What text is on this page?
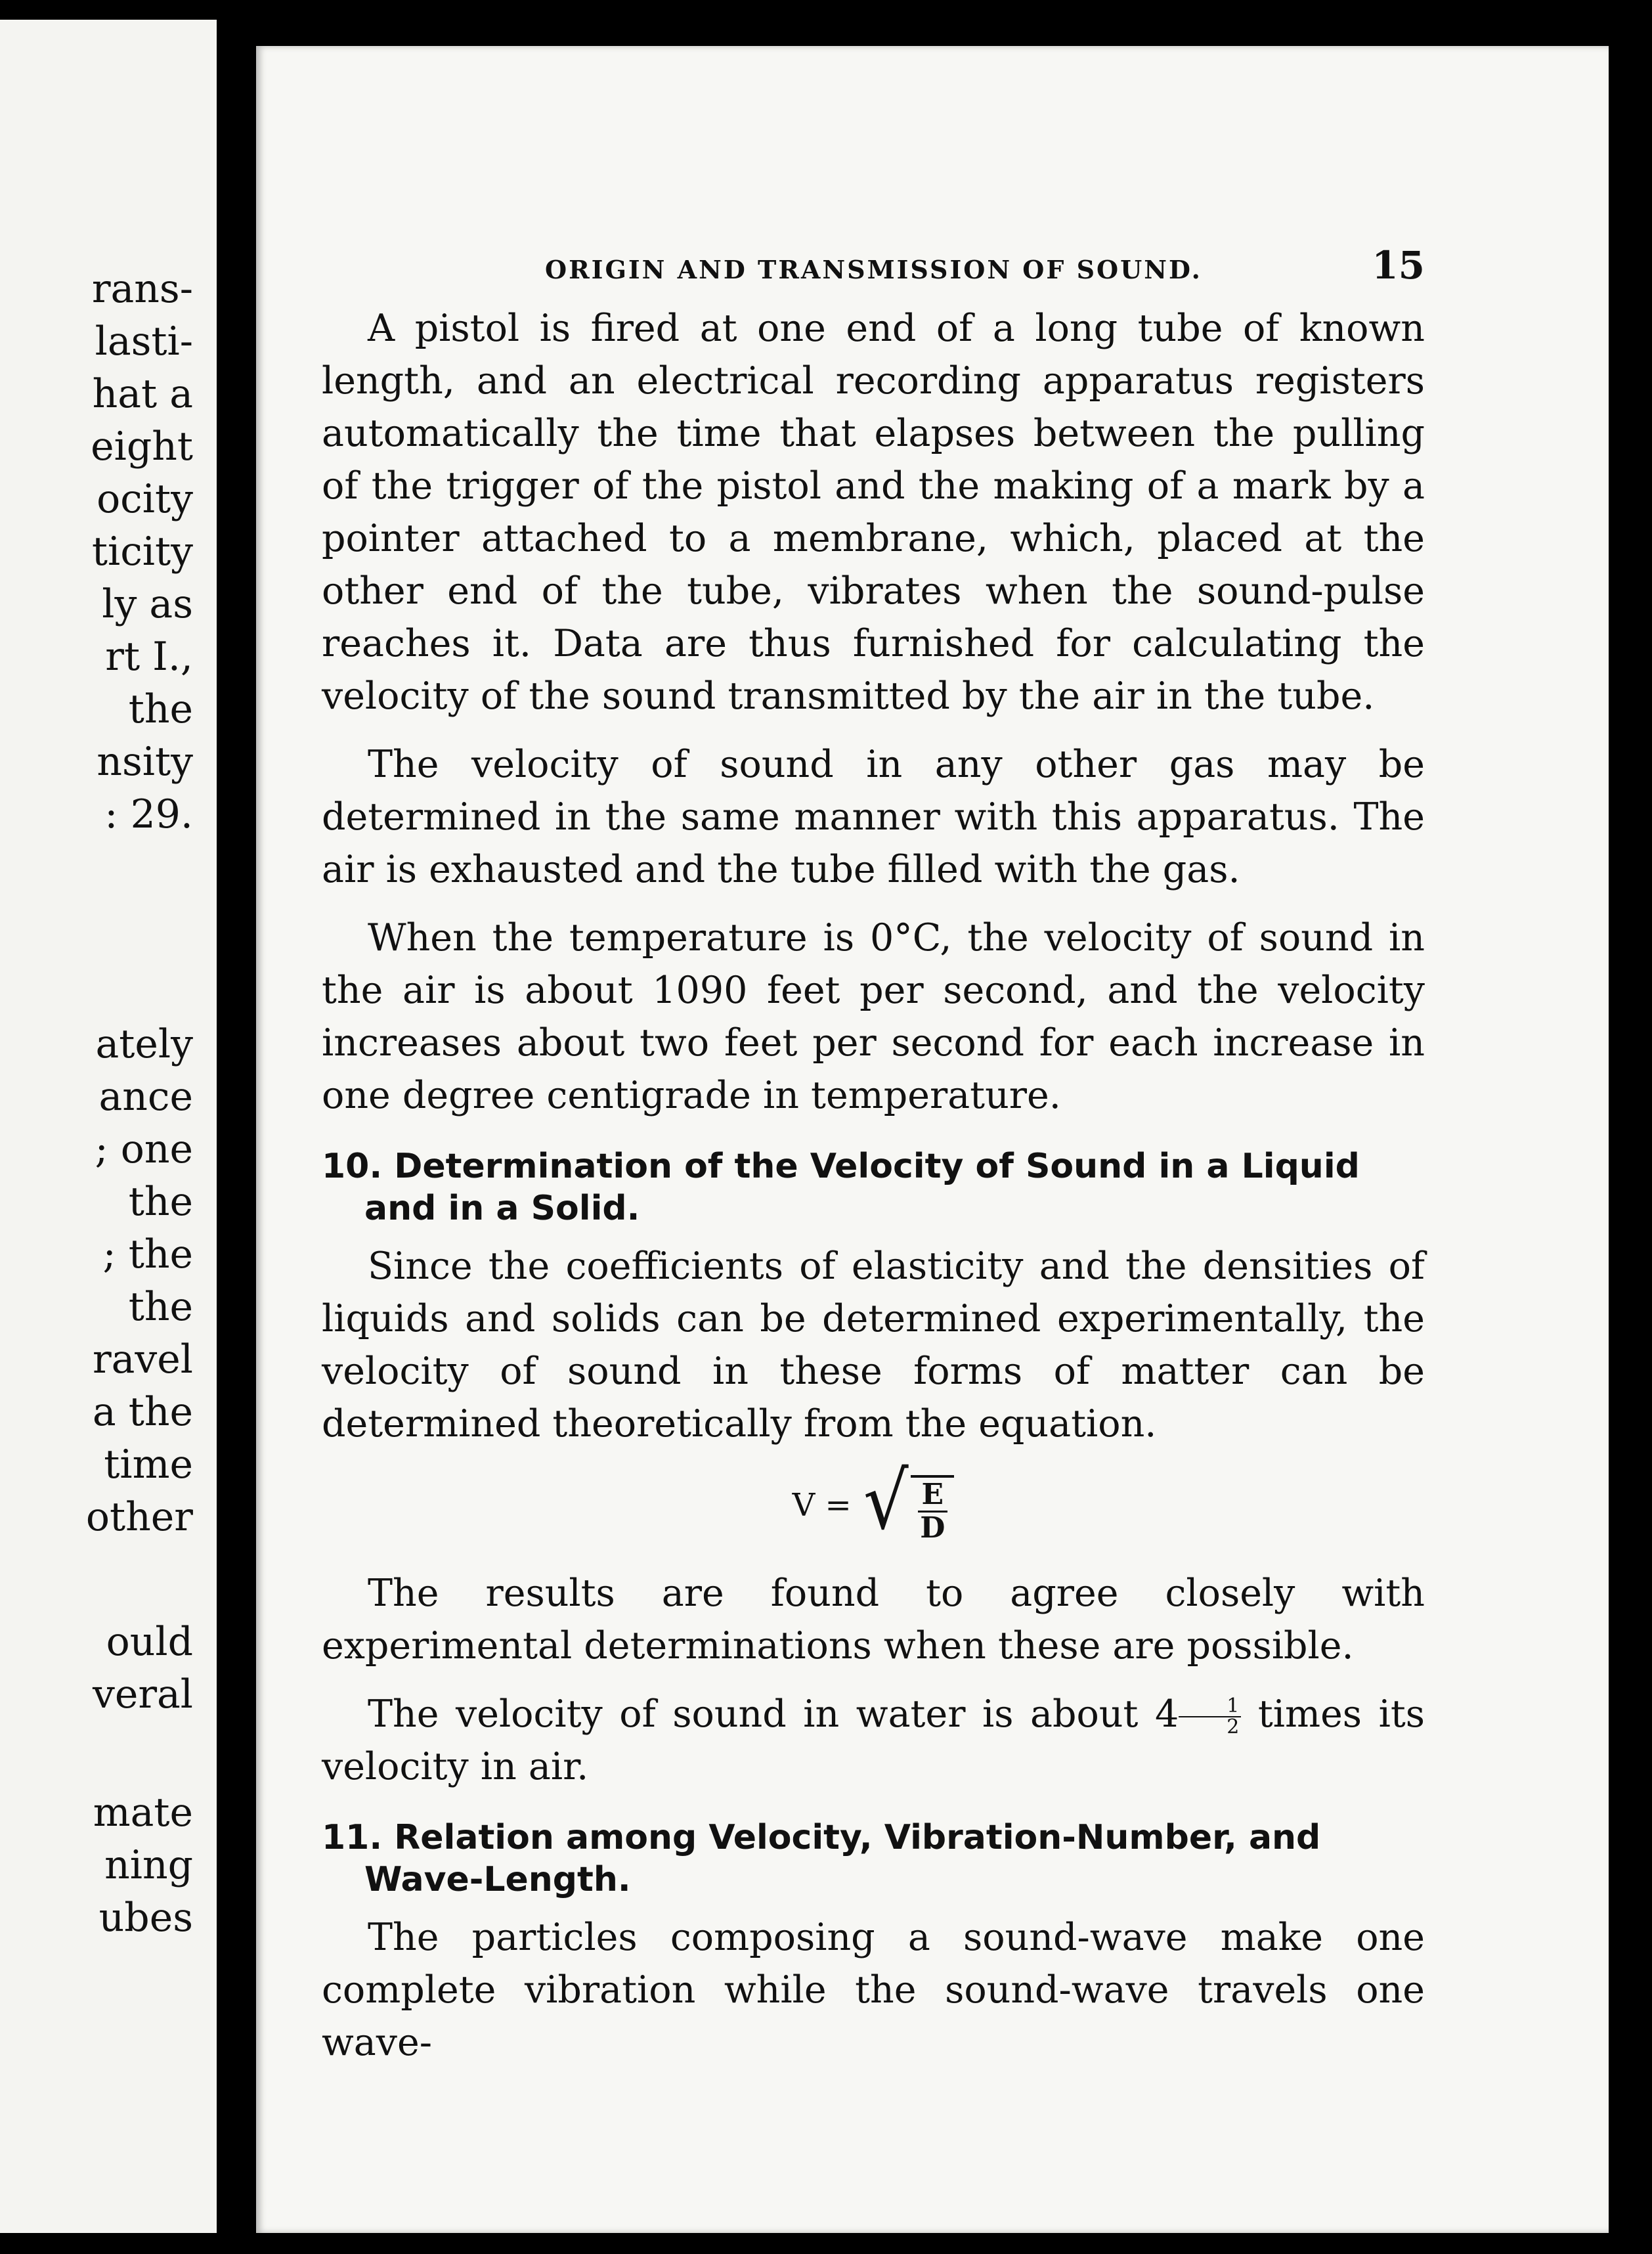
rans-
lasti-
hat a
eight
ocity
ticity
ly as
rt I.,
the
nsity
: 29.
ately
ance
; one
the
; the
the
ravel
a the
time
other
ould
veral
mate
ning
ubes
ORIGIN AND TRANSMISSION OF SOUND.	15

A pistol is fired at one end of a long tube of known length, and an electrical recording apparatus registers automatically the time that elapses between the pulling of the trigger of the pistol and the making of a mark by a pointer attached to a membrane, which, placed at the other end of the tube, vibrates when the sound-pulse reaches it. Data are thus furnished for calculating the velocity of the sound transmitted by the air in the tube.

The velocity of sound in any other gas may be determined in the same manner with this apparatus. The air is exhausted and the tube filled with the gas.

When the temperature is 0°C, the velocity of sound in the air is about 1090 feet per second, and the velocity increases about two feet per second for each increase in one degree centigrade in temperature.

10. Determination of the Velocity of Sound in a Liquid and in a Solid.

Since the coefficients of elasticity and the densities of liquids and solids can be determined experimentally, the velocity of sound in these forms of matter can be determined theoretically from the equation.

V = √ $\frac{E}{D}$

The results are found to agree closely with experimental determinations when these are possible.

The velocity of sound in water is about $4 \frac{1}{2}$ times its velocity in air.

11. Relation among Velocity, Vibration-Number, and Wave-Length.

The particles composing a sound-wave make one complete vibration while the sound-wave travels one wave-
